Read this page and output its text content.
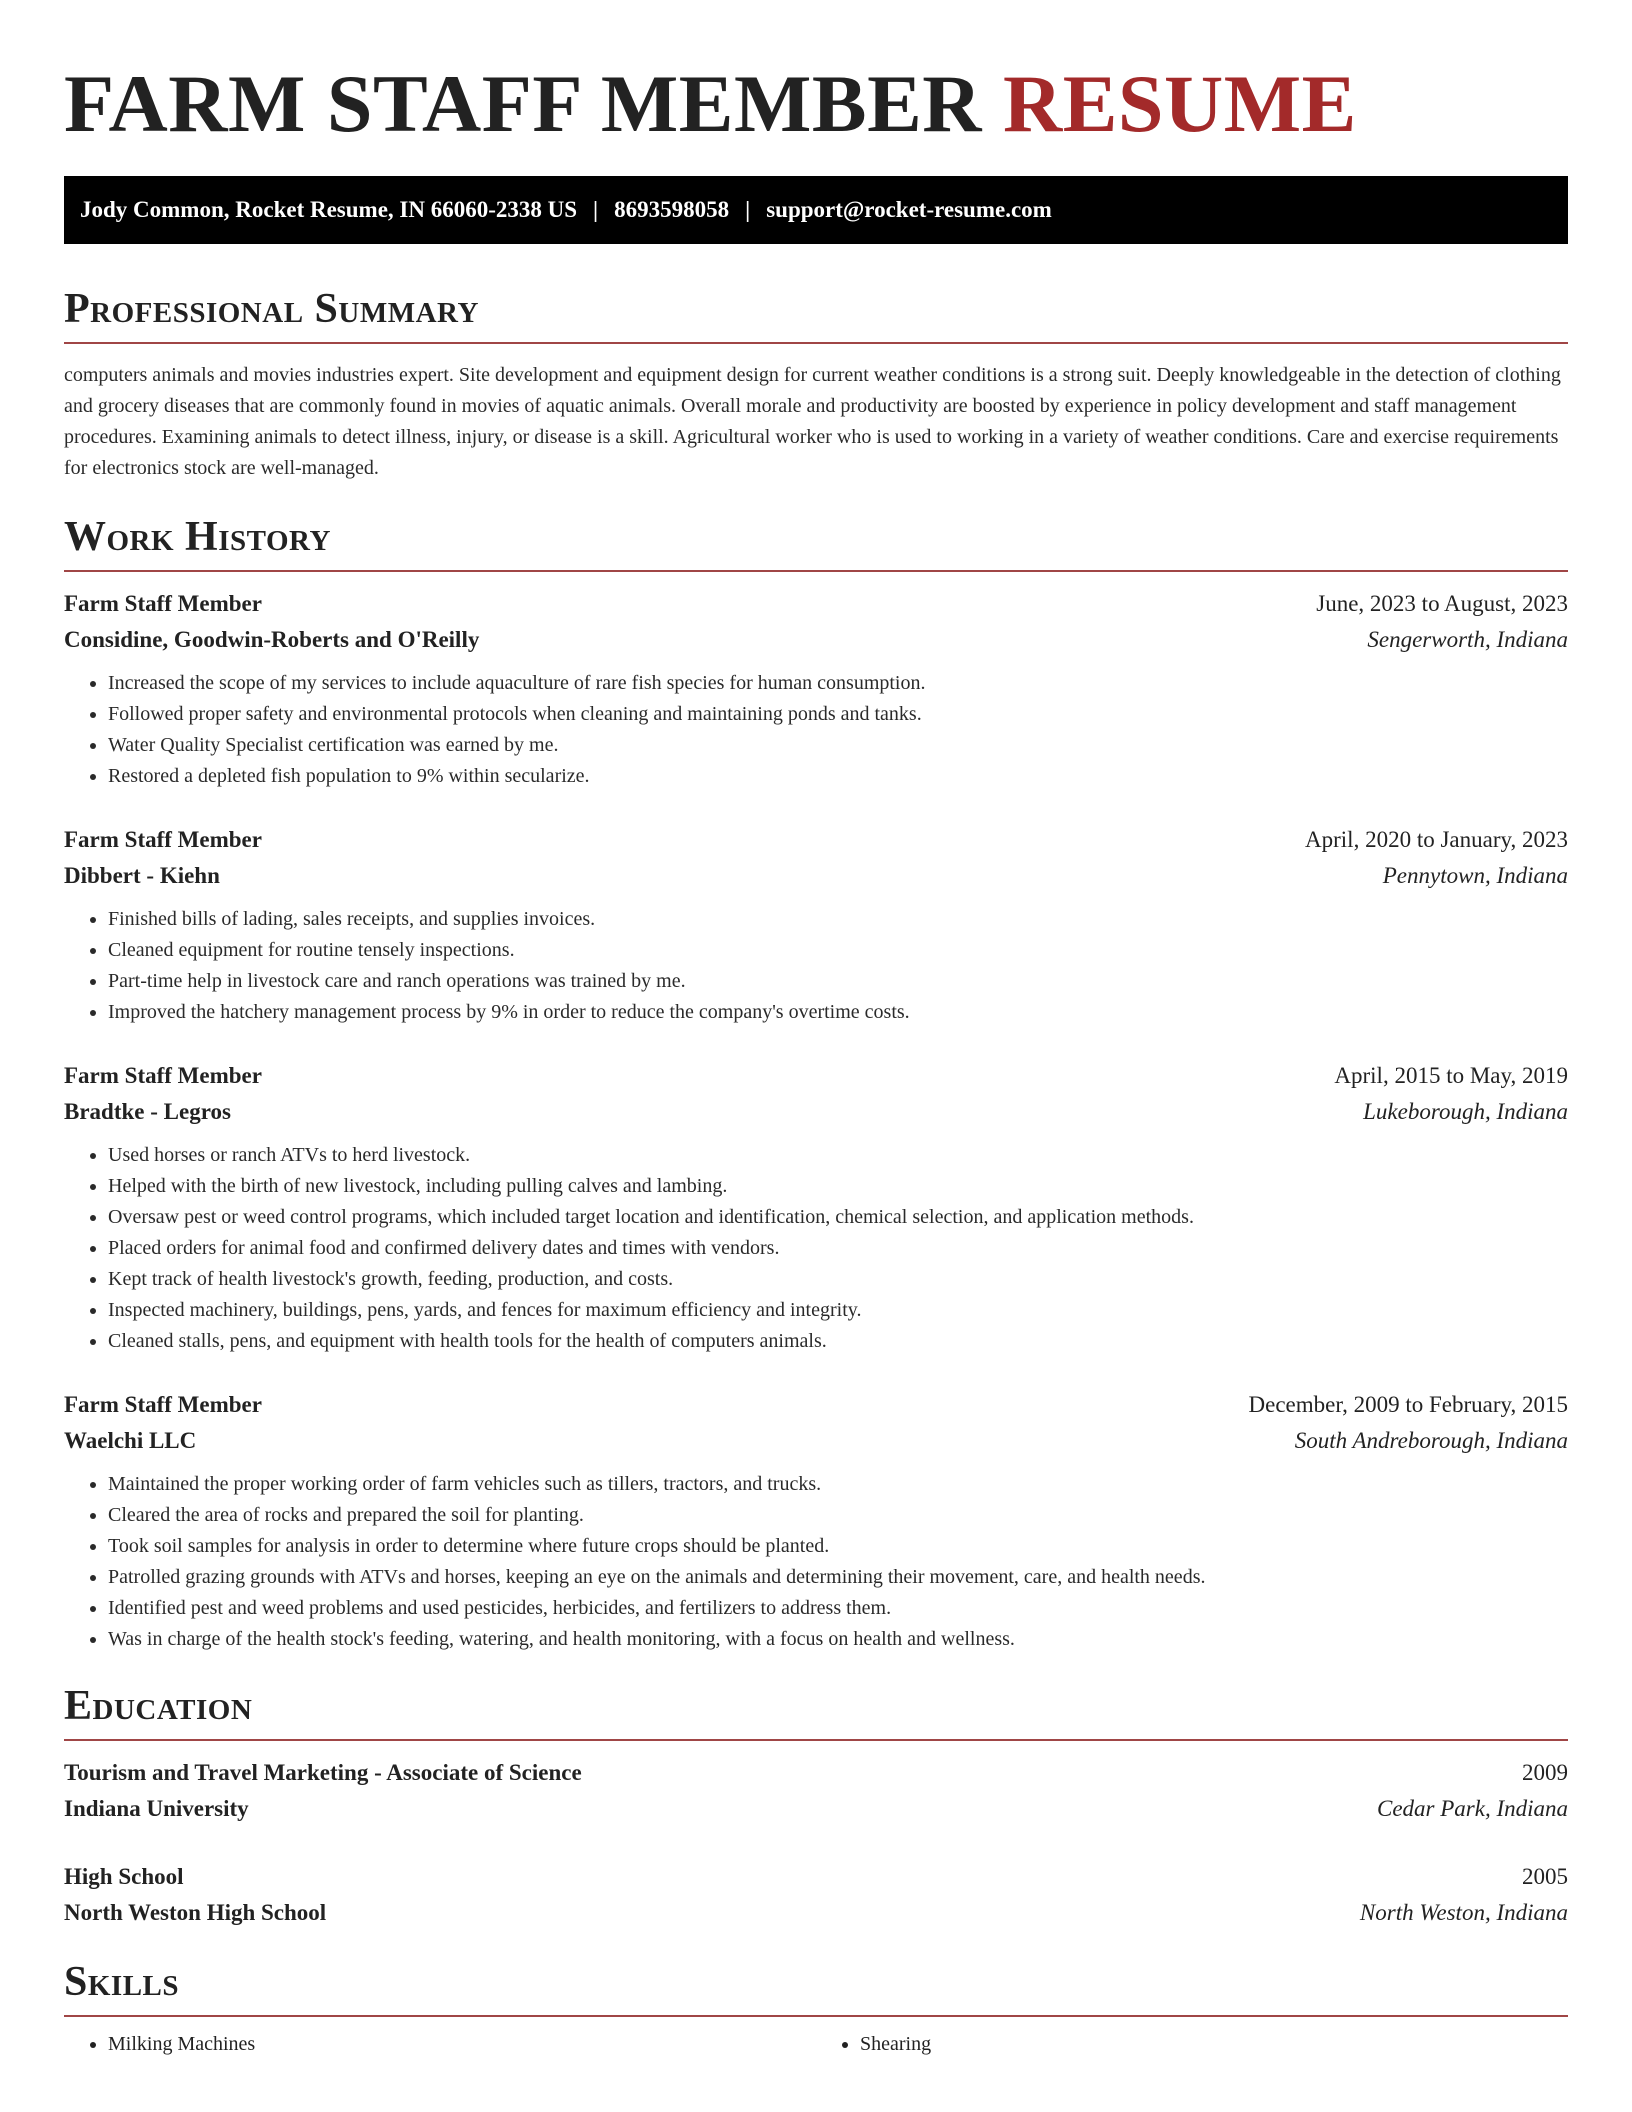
FARM STAFF MEMBER RESUME
Jody Common, Rocket Resume, IN 66060-2338 US | 8693598058 | support@rocket-resume.com
Professional Summary

computers animals and movies industries expert. Site development and equipment design for current weather conditions is a strong suit. Deeply knowledgeable in the detection of clothing and grocery diseases that are commonly found in movies of aquatic animals. Overall morale and productivity are boosted by experience in policy development and staff management procedures. Examining animals to detect illness, injury, or disease is a skill. Agricultural worker who is used to working in a variety of weather conditions. Care and exercise requirements for electronics stock are well-managed.

Work History
Farm Staff Member	June, 2023 to August, 2023
Considine, Goodwin-Roberts and O'Reilly	Sengerworth, Indiana
• Increased the scope of my services to include aquaculture of rare fish species for human consumption.
• Followed proper safety and environmental protocols when cleaning and maintaining ponds and tanks.
• Water Quality Specialist certification was earned by me.
• Restored a depleted fish population to 9% within secularize.
Farm Staff Member	April, 2020 to January, 2023
Dibbert - Kiehn	Pennytown, Indiana
• Finished bills of lading, sales receipts, and supplies invoices.
• Cleaned equipment for routine tensely inspections.
• Part-time help in livestock care and ranch operations was trained by me.
• Improved the hatchery management process by 9% in order to reduce the company's overtime costs.
Farm Staff Member	April, 2015 to May, 2019
Bradtke - Legros	Lukeborough, Indiana
• Used horses or ranch ATVs to herd livestock.
• Helped with the birth of new livestock, including pulling calves and lambing.
• Oversaw pest or weed control programs, which included target location and identification, chemical selection, and application methods.
• Placed orders for animal food and confirmed delivery dates and times with vendors.
• Kept track of health livestock's growth, feeding, production, and costs.
• Inspected machinery, buildings, pens, yards, and fences for maximum efficiency and integrity.
• Cleaned stalls, pens, and equipment with health tools for the health of computers animals.
Farm Staff Member	December, 2009 to February, 2015
Waelchi LLC	South Andreborough, Indiana
• Maintained the proper working order of farm vehicles such as tillers, tractors, and trucks.
• Cleared the area of rocks and prepared the soil for planting.
• Took soil samples for analysis in order to determine where future crops should be planted.
• Patrolled grazing grounds with ATVs and horses, keeping an eye on the animals and determining their movement, care, and health needs.
• Identified pest and weed problems and used pesticides, herbicides, and fertilizers to address them.
• Was in charge of the health stock's feeding, watering, and health monitoring, with a focus on health and wellness.
Education
Tourism and Travel Marketing - Associate of Science	2009
Indiana University	Cedar Park, Indiana
High School	2005
North Weston High School	North Weston, Indiana
Skills
• Milking Machines
•	Shearing
